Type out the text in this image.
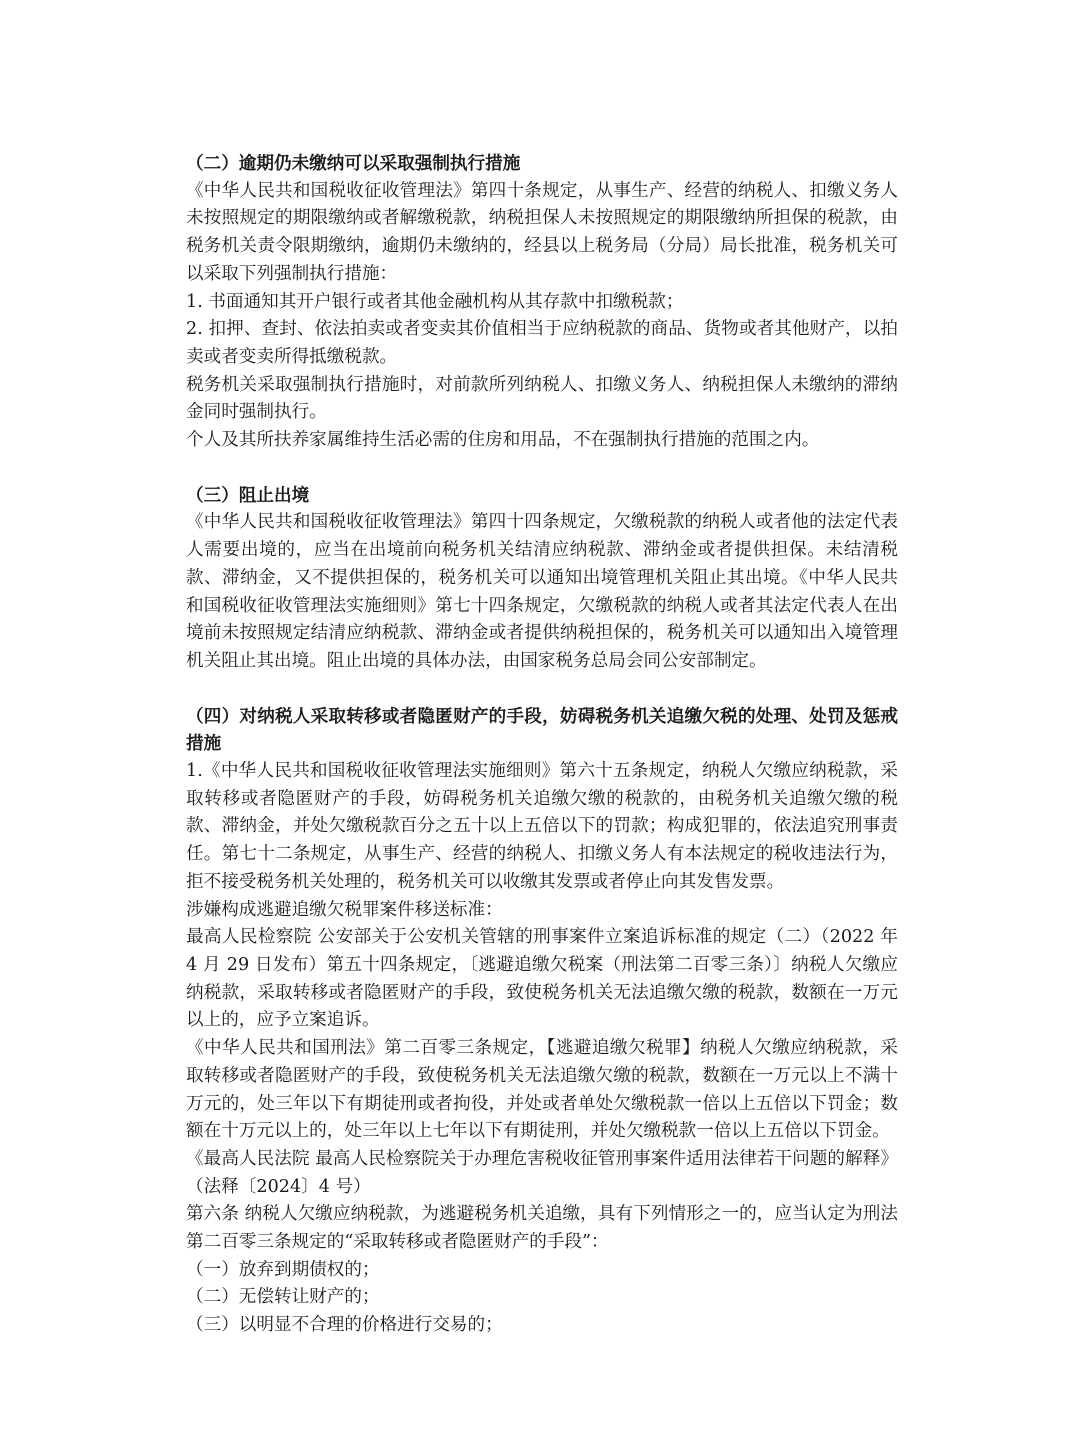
（二）逾期仍未缴纳可以采取强制执行措施

《中华人民共和国税收征收管理法》第四十条规定，从事生产、经营的纳税人、扣缴义务人未按照规定的期限缴纳或者解缴税款，纳税担保人未按照规定的期限缴纳所担保的税款，由税务机关责令限期缴纳，逾期仍未缴纳的，经县以上税务局（分局）局长批准，税务机关可以采取下列强制执行措施：

1. 书面通知其开户银行或者其他金融机构从其存款中扣缴税款；

2. 扣押、查封、依法拍卖或者变卖其价值相当于应纳税款的商品、货物或者其他财产，以拍卖或者变卖所得抵缴税款。

税务机关采取强制执行措施时，对前款所列纳税人、扣缴义务人、纳税担保人未缴纳的滞纳金同时强制执行。

个人及其所扶养家属维持生活必需的住房和用品，不在强制执行措施的范围之内。

（三）阻止出境

《中华人民共和国税收征收管理法》第四十四条规定，欠缴税款的纳税人或者他的法定代表人需要出境的，应当在出境前向税务机关结清应纳税款、滞纳金或者提供担保。未结清税款、滞纳金，又不提供担保的，税务机关可以通知出境管理机关阻止其出境。《中华人民共和国税收征收管理法实施细则》第七十四条规定，欠缴税款的纳税人或者其法定代表人在出境前未按照规定结清应纳税款、滞纳金或者提供纳税担保的，税务机关可以通知出入境管理机关阻止其出境。阻止出境的具体办法，由国家税务总局会同公安部制定。

（四）对纳税人采取转移或者隐匿财产的手段，妨碍税务机关追缴欠税的处理、处罚及惩戒措施

1.《中华人民共和国税收征收管理法实施细则》第六十五条规定，纳税人欠缴应纳税款，采取转移或者隐匿财产的手段，妨碍税务机关追缴欠缴的税款的，由税务机关追缴欠缴的税款、滞纳金，并处欠缴税款百分之五十以上五倍以下的罚款；构成犯罪的，依法追究刑事责任。第七十二条规定，从事生产、经营的纳税人、扣缴义务人有本法规定的税收违法行为，拒不接受税务机关处理的，税务机关可以收缴其发票或者停止向其发售发票。

涉嫌构成逃避追缴欠税罪案件移送标准：

最高人民检察院 公安部关于公安机关管辖的刑事案件立案追诉标准的规定（二）（2022 年 4 月 29 日发布）第五十四条规定，〔逃避追缴欠税案（刑法第二百零三条）〕纳税人欠缴应纳税款，采取转移或者隐匿财产的手段，致使税务机关无法追缴欠缴的税款，数额在一万元以上的，应予立案追诉。

《中华人民共和国刑法》第二百零三条规定，【逃避追缴欠税罪】纳税人欠缴应纳税款，采取转移或者隐匿财产的手段，致使税务机关无法追缴欠缴的税款，数额在一万元以上不满十万元的，处三年以下有期徒刑或者拘役，并处或者单处欠缴税款一倍以上五倍以下罚金；数额在十万元以上的，处三年以上七年以下有期徒刑，并处欠缴税款一倍以上五倍以下罚金。

《最高人民法院 最高人民检察院关于办理危害税收征管刑事案件适用法律若干问题的解释》（法释〔2024〕4 号）

第六条 纳税人欠缴应纳税款，为逃避税务机关追缴，具有下列情形之一的，应当认定为刑法第二百零三条规定的“采取转移或者隐匿财产的手段”：

（一）放弃到期债权的；

（二）无偿转让财产的；

（三）以明显不合理的价格进行交易的；
